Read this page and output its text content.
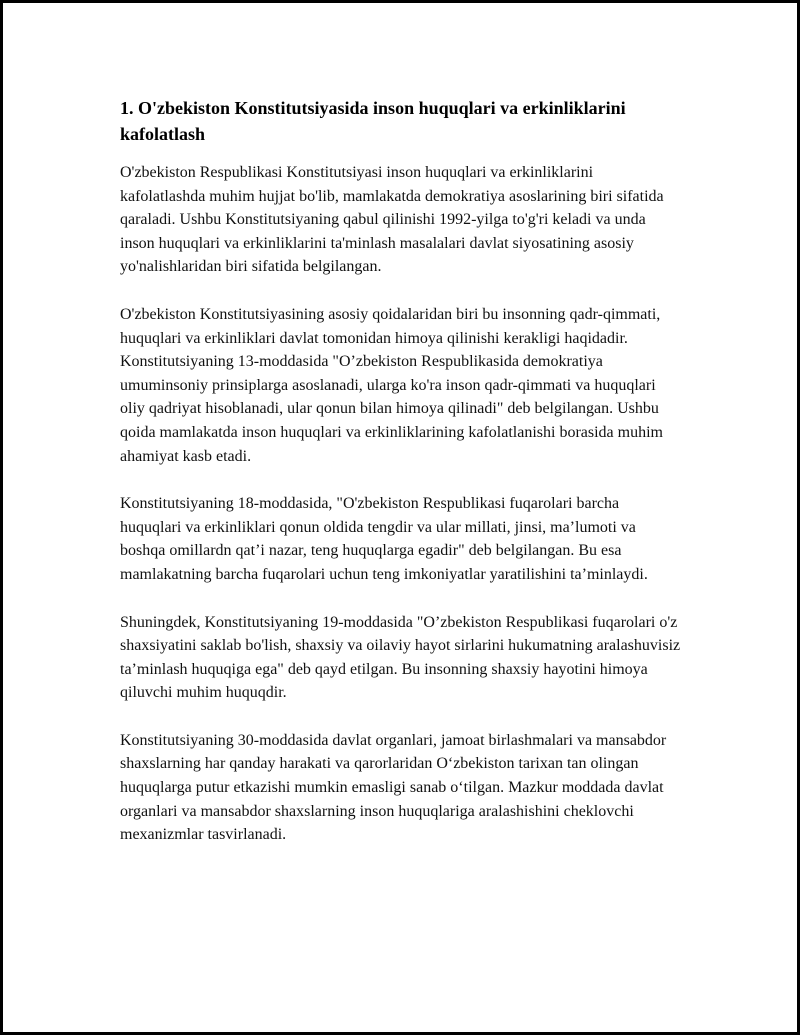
1. O'zbekiston Konstitutsiyasida inson huquqlari va erkinliklarini kafolatlash

O'zbekiston Respublikasi Konstitutsiyasi inson huquqlari va erkinliklarini kafolatlashda muhim hujjat bo'lib, mamlakatda demokratiya asoslarining biri sifatida qaraladi. Ushbu Konstitutsiyaning qabul qilinishi 1992-yilga to'g'ri keladi va unda inson huquqlari va erkinliklarini ta'minlash masalalari davlat siyosatining asosiy yo'nalishlaridan biri sifatida belgilangan.

O'zbekiston Konstitutsiyasining asosiy qoidalaridan biri bu insonning qadr-qimmati, huquqlari va erkinliklari davlat tomonidan himoya qilinishi kerakligi haqidadir. Konstitutsiyaning 13-moddasida "O’zbekiston Respublikasida demokratiya umuminsoniy prinsiplarga asoslanadi, ularga ko'ra inson qadr-qimmati va huquqlari oliy qadriyat hisoblanadi, ular qonun bilan himoya qilinadi" deb belgilangan. Ushbu qoida mamlakatda inson huquqlari va erkinliklarining kafolatlanishi borasida muhim ahamiyat kasb etadi.

Konstitutsiyaning 18-moddasida, "O'zbekiston Respublikasi fuqarolari barcha huquqlari va erkinliklari qonun oldida tengdir va ular millati, jinsi, ma’lumoti va boshqa omillardn qat’i nazar, teng huquqlarga egadir" deb belgilangan. Bu esa mamlakatning barcha fuqarolari uchun teng imkoniyatlar yaratilishini ta’minlaydi.

Shuningdek, Konstitutsiyaning 19-moddasida "O’zbekiston Respublikasi fuqarolari o'z shaxsiyatini saklab bo'lish, shaxsiy va oilaviy hayot sirlarini hukumatning aralashuvisiz ta’minlash huquqiga ega" deb qayd etilgan. Bu insonning shaxsiy hayotini himoya qiluvchi muhim huquqdir.

Konstitutsiyaning 30-moddasida davlat organlari, jamoat birlashmalari va mansabdor shaxslarning har qanday harakati va qarorlaridan O‘zbekiston tarixan tan olingan huquqlarga putur etkazishi mumkin emasligi sanab o‘tilgan. Mazkur moddada davlat organlari va mansabdor shaxslarning inson huquqlariga aralashishini cheklovchi mexanizmlar tasvirlanadi.
